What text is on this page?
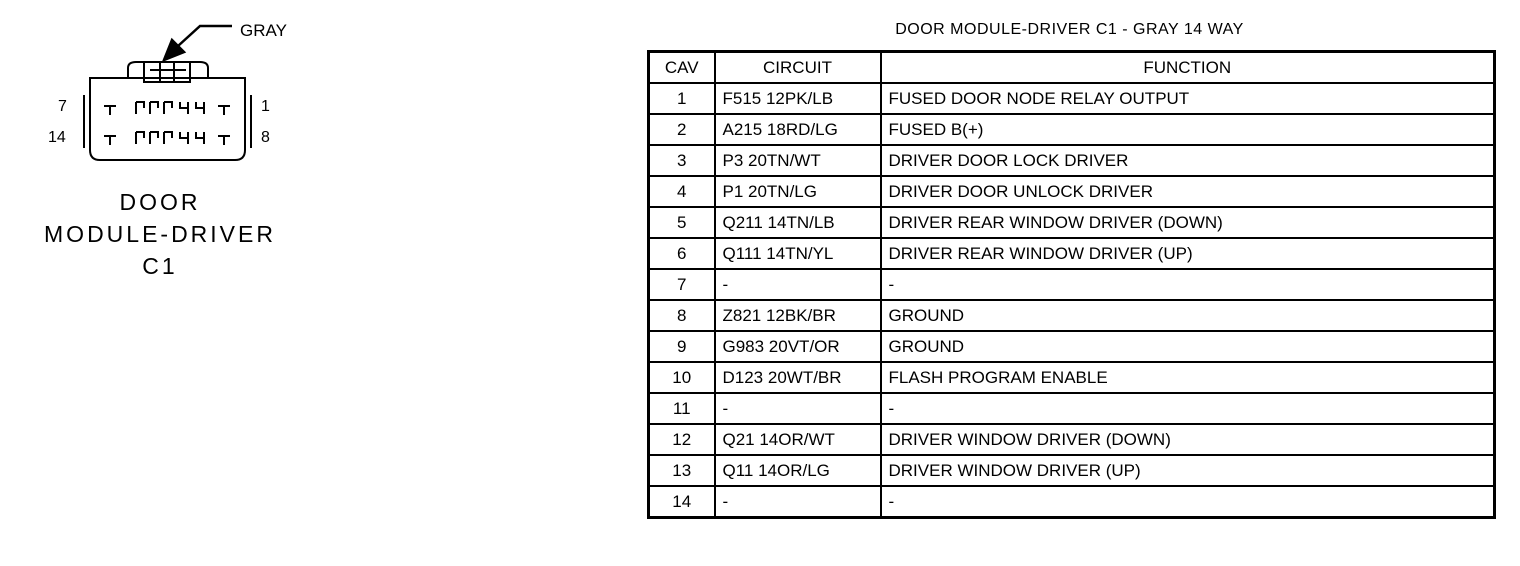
GRAY
7
14
1
8
DOOR
MODULE-DRIVER
C1
DOOR MODULE-DRIVER C1 - GRAY 14 WAY
CAV	CIRCUIT	FUNCTION
1	F515 12PK/LB	FUSED DOOR NODE RELAY OUTPUT
2	A215 18RD/LG	FUSED B(+)
3	P3 20TN/WT	DRIVER DOOR LOCK DRIVER
4	P1 20TN/LG	DRIVER DOOR UNLOCK DRIVER
5	Q211 14TN/LB	DRIVER REAR WINDOW DRIVER (DOWN)
6	Q111 14TN/YL	DRIVER REAR WINDOW DRIVER (UP)
7	-	-
8	Z821 12BK/BR	GROUND
9	G983 20VT/OR	GROUND
10	D123 20WT/BR	FLASH PROGRAM ENABLE
11	-	-
12	Q21 14OR/WT	DRIVER WINDOW DRIVER (DOWN)
13	Q11 14OR/LG	DRIVER WINDOW DRIVER (UP)
14	-	-
